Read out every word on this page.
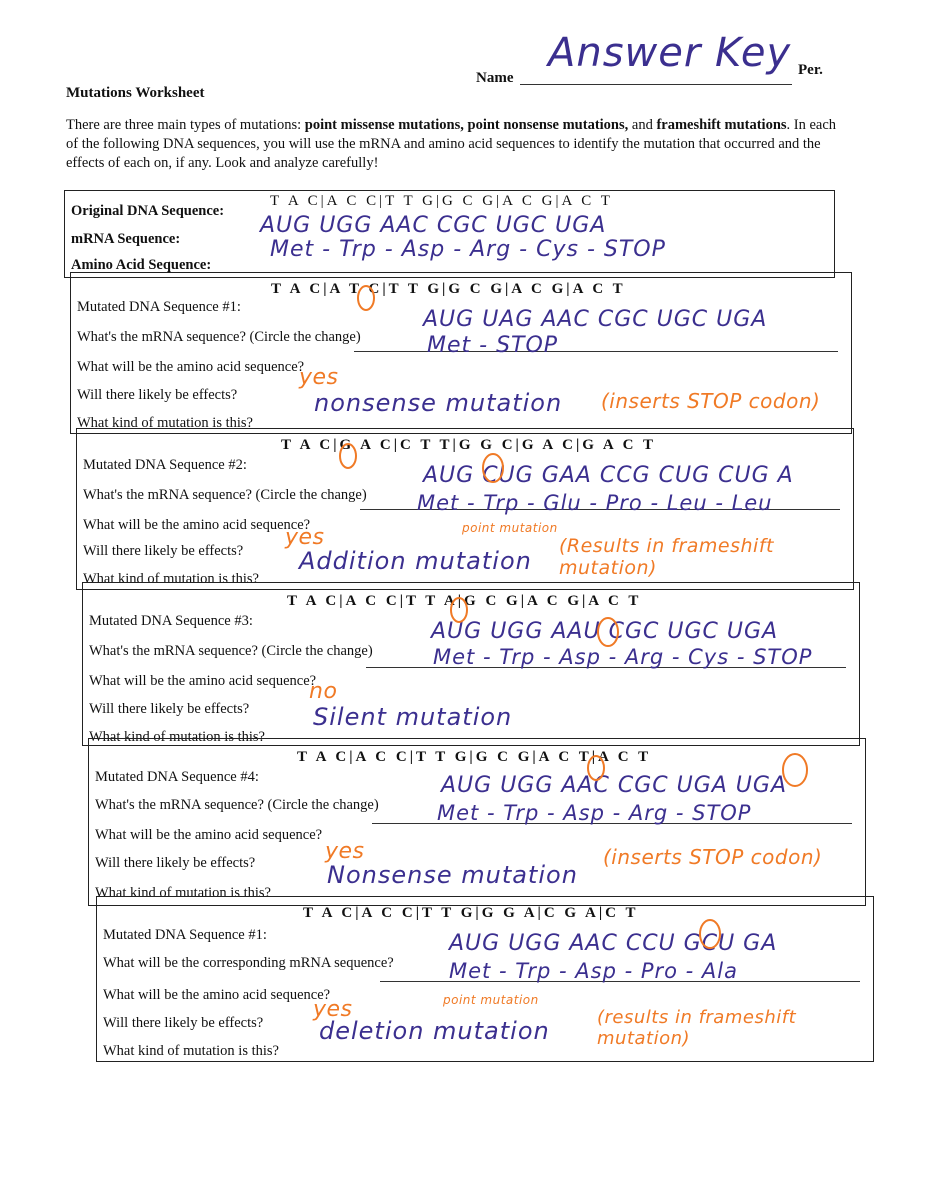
Mutations Worksheet
Name
Answer Key Per.
There are three main types of mutations: point missense mutations, point nonsense mutations, and frameshift mutations. In each of the following DNA sequences, you will use the mRNA and amino acid sequences to identify the mutation that occurred and the effects of each on, if any. Look and analyze carefully!
Original DNA Sequence:
T A C|A C C|T T G|G C G|A C G|A C T
mRNA Sequence:
AUG UGG AAC CGC UGC UGA
Amino Acid Sequence:
Met - Trp - Asp - Arg - Cys - STOP
Mutated DNA Sequence #1:
T A C|A T C|T T G|G C G|A C G|A C T
What's the mRNA sequence? (Circle the change)
AUG UAG AAC CGC UGC UGA
What will be the amino acid sequence?
Met - STOP
Will there likely be effects?
yes
What kind of mutation is this?
nonsense mutation (inserts STOP codon)
Mutated DNA Sequence #2:
T A C|G A C|C T T|G G C|G A C|G A C T
What's the mRNA sequence? (Circle the change)
AUG CUG GAA CCG CUG CUG A
What will be the amino acid sequence?
Met - Trp - Glu - Pro - Leu - Leu
Will there likely be effects?
yes	point mutation
What kind of mutation is this?
Addition mutation
(Results in frameshift mutation)
Mutated DNA Sequence #3:
T A C|A C C|T T A|G C G|A C G|A C T
What's the mRNA sequence? (Circle the change)
AUG UGG AAU CGC UGC UGA
What will be the amino acid sequence?
Met - Trp - Asp - Arg - Cys - STOP
Will there likely be effects?
no
What kind of mutation is this?
Silent mutation
Mutated DNA Sequence #4:
T A C|A C C|T T G|G C G|A C T|A C T
What's the mRNA sequence? (Circle the change)
AUG UGG AAC CGC UGA UGA
What will be the amino acid sequence?
Met - Trp - Asp - Arg - STOP
Will there likely be effects?	yes
What kind of mutation is this?
Nonsense mutation
(inserts STOP codon)
Mutated DNA Sequence #1:
T A C|A C C|T T G|G G A|C G A|C T
What will be the corresponding mRNA sequence?
AUG UGG AAC CCU GCU GA
What will be the amino acid sequence?
Met - Trp - Asp - Pro - Ala
Will there likely be effects?
yes	point mutation
What kind of mutation is this?
deletion mutation	(results in frameshift mutation)
